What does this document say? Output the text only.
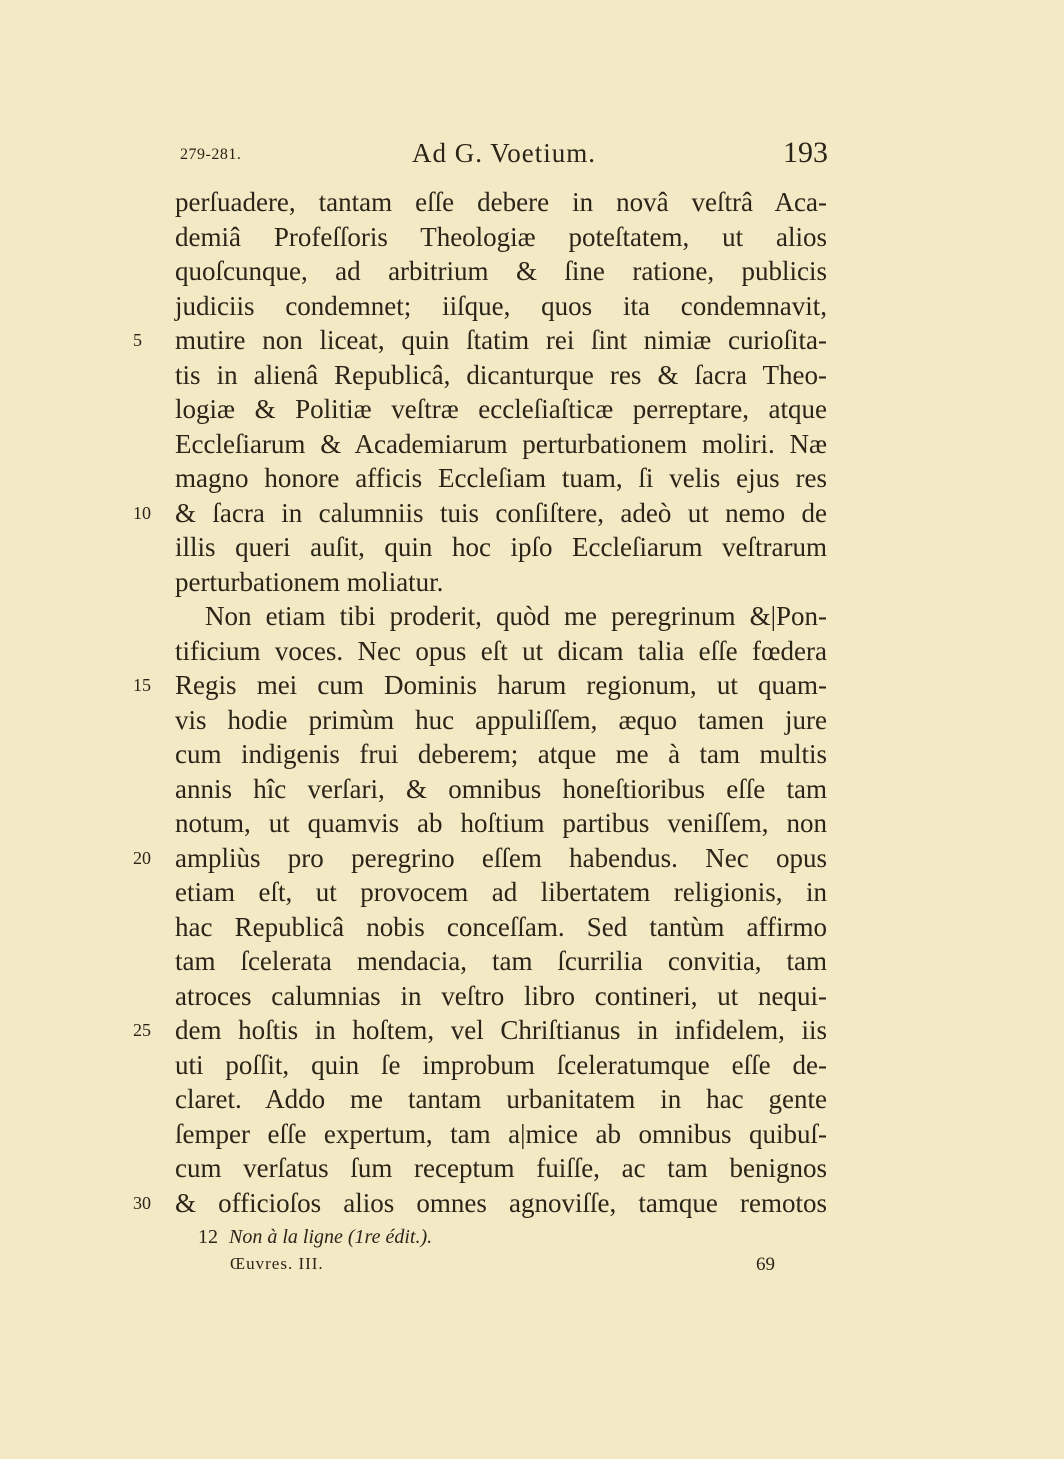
279-281.	Ad G. Voetium.	193
perſuadere, tantam eſſe debere in novâ veſtrâ Aca-
demiâ Profeſſoris Theologiæ poteſtatem, ut alios
quoſcunque, ad arbitrium & ſine ratione, publicis
judiciis condemnet; iiſque, quos ita condemnavit,
mutire non liceat, quin ſtatim rei ſint nimiæ curioſita-
5
tis in alienâ Republicâ, dicanturque res & ſacra Theo-
logiæ & Politiæ veſtræ eccleſiaſticæ perreptare, atque
Eccleſiarum & Academiarum perturbationem moliri. Næ
magno honore afficis Eccleſiam tuam, ſi velis ejus res
& ſacra in calumniis tuis conſiſtere, adeò ut nemo de
10
illis queri auſit, quin hoc ipſo Eccleſiarum veſtrarum
perturbationem moliatur.
Non etiam tibi proderit, quòd me peregrinum &|Pon-
tificium voces. Nec opus eſt ut dicam talia eſſe fœdera
Regis mei cum Dominis harum regionum, ut quam-
15
vis hodie primùm huc appuliſſem, æquo tamen jure
cum indigenis frui deberem; atque me à tam multis
annis hîc verſari, & omnibus honeſtioribus eſſe tam
notum, ut quamvis ab hoſtium partibus veniſſem, non
ampliùs pro peregrino eſſem habendus. Nec opus
20
etiam eſt, ut provocem ad libertatem religionis, in
hac Republicâ nobis conceſſam. Sed tantùm affirmo
tam ſcelerata mendacia, tam ſcurrilia convitia, tam
atroces calumnias in veſtro libro contineri, ut nequi-
dem hoſtis in hoſtem, vel Chriſtianus in infidelem, iis
25
uti poſſit, quin ſe improbum ſceleratumque eſſe de-
claret. Addo me tantam urbanitatem in hac gente
ſemper eſſe expertum, tam a|mice ab omnibus quibuſ-
cum verſatus ſum receptum fuiſſe, ac tam benignos
& officioſos alios omnes agnoviſſe, tamque remotos
30
12 Non à la ligne (1re édit.).
Œuvres. III.	69
